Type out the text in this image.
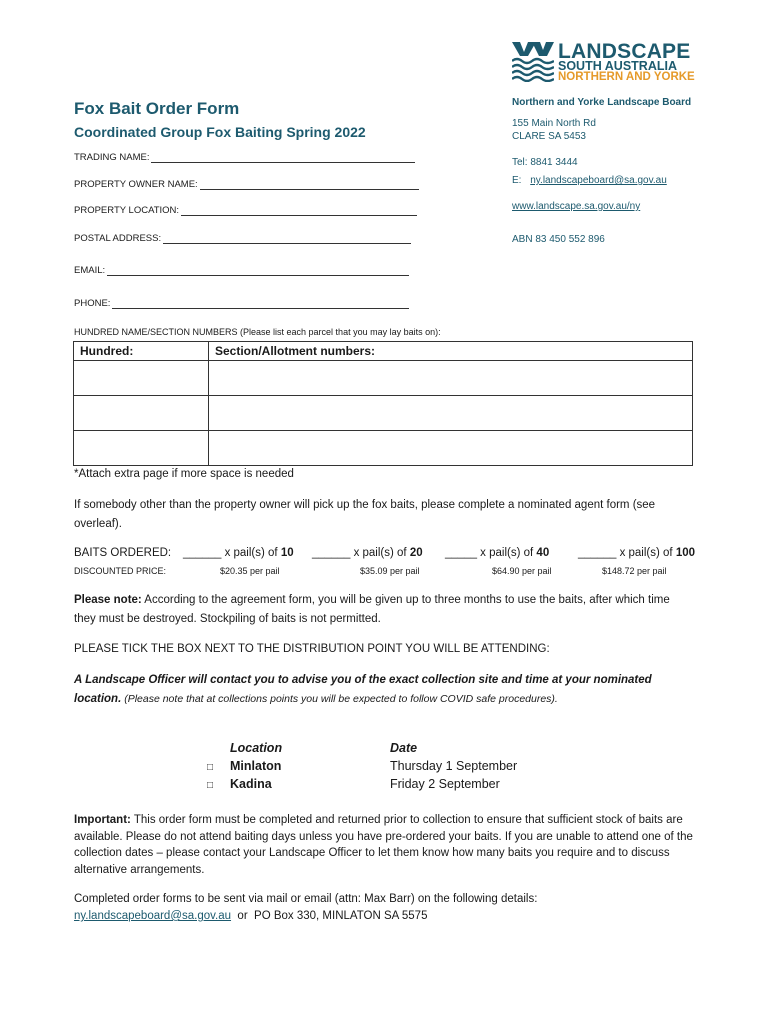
LANDSCAPE
SOUTH AUSTRALIA
NORTHERN AND YORKE
Northern and Yorke Landscape Board
155 Main North Rd
CLARE SA 5453
Tel: 8841 3444
E: ny.landscapeboard@sa.gov.au
www.landscape.sa.gov.au/ny
ABN 83 450 552 896
Fox Bait Order Form
Coordinated Group Fox Baiting Spring 2022
TRADING NAME:
PROPERTY OWNER NAME:
PROPERTY LOCATION:
POSTAL ADDRESS:
EMAIL:
PHONE:
HUNDRED NAME/SECTION NUMBERS (Please list each parcel that you may lay baits on):
Hundred:	Section/Allotment numbers:

*Attach extra page if more space is needed
If somebody other than the property owner will pick up the fox baits, please complete a nominated agent form (see overleaf).
BAITS ORDERED: ______ x pail(s) of 10 ______ x pail(s) of 20 _____ x pail(s) of 40	______ x pail(s) of 100
DISCOUNTED PRICE:	$20.35 per pail	$35.09 per pail	$64.90 per pail	$148.72 per pail
Please note: According to the agreement form, you will be given up to three months to use the baits, after which time they must be destroyed. Stockpiling of baits is not permitted.
PLEASE TICK THE BOX NEXT TO THE DISTRIBUTION POINT YOU WILL BE ATTENDING:
A Landscape Officer will contact you to advise you of the exact collection site and time at your nominated location. (Please note that at collections points you will be expected to follow COVID safe procedures).
Location	Date
□ Minlaton	Thursday 1 September
□ Kadina	Friday 2 September
Important: This order form must be completed and returned prior to collection to ensure that sufficient stock of baits are available. Please do not attend baiting days unless you have pre-ordered your baits. If you are unable to attend one of the collection dates – please contact your Landscape Officer to let them know how many baits you require and to discuss alternative arrangements.
Completed order forms to be sent via mail or email (attn: Max Barr) on the following details:
ny.landscapeboard@sa.gov.au  or  PO Box 330, MINLATON SA 5575
